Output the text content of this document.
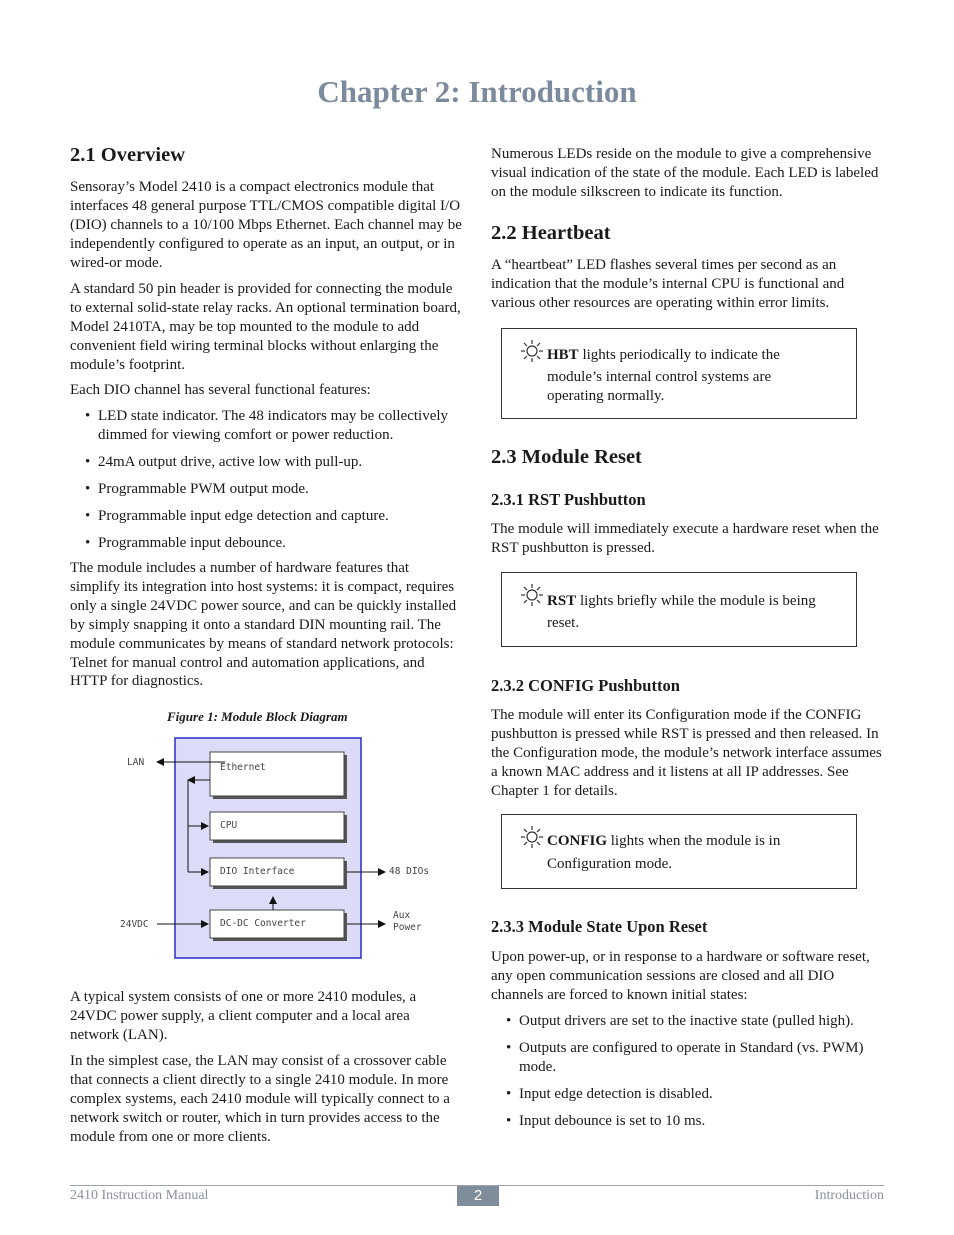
Chapter 2: Introduction
2.1 Overview

Sensoray’s Model 2410 is a compact electronics module that interfaces 48 general purpose TTL/CMOS compatible digital I/O (DIO) channels to a 10/100 Mbps Ethernet. Each channel may be independently configured to operate as an input, an output, or in wired-or mode.

A standard 50 pin header is provided for connecting the module to external solid-state relay racks. An optional termination board, Model 2410TA, may be top mounted to the module to add convenient field wiring terminal blocks without enlarging the module’s footprint.

Each DIO channel has several functional features:

• LED state indicator. The 48 indicators may be collectively dimmed for viewing comfort or power reduction.
• 24mA output drive, active low with pull-up.
• Programmable PWM output mode.
• Programmable input edge detection and capture.
• Programmable input debounce.

The module includes a number of hardware features that simplify its integration into host systems: it is compact, requires only a single 24VDC power source, and can be quickly installed by simply snapping it onto a standard DIN mounting rail. The module communicates by means of standard network protocols: Telnet for manual control and automation applications, and HTTP for diagnostics.

Figure 1: Module Block Diagram

Ethernet
CPU
DIO Interface
DC-DC Converter
LAN
24VDC
48 DIOs
Aux
Power

A typical system consists of one or more 2410 modules, a 24VDC power supply, a client computer and a local area network (LAN).

In the simplest case, the LAN may consist of a crossover cable that connects a client directly to a single 2410 module. In more complex systems, each 2410 module will typically connect to a network switch or router, which in turn provides access to the module from one or more clients.

Numerous LEDs reside on the module to give a comprehensive visual indication of the state of the module. Each LED is labeled on the module silkscreen to indicate its function.

2.2 Heartbeat

A “heartbeat” LED flashes several times per second as an indication that the module’s internal CPU is functional and various other resources are operating within error limits.

HBT lights periodically to indicate the
module’s internal control systems are
operating normally.
2.3 Module Reset
2.3.1 RST Pushbutton

The module will immediately execute a hardware reset when the RST pushbutton is pressed.

RST lights briefly while the module is being
reset.
2.3.2 CONFIG Pushbutton

The module will enter its Configuration mode if the CONFIG pushbutton is pressed while RST is pressed and then released. In the Configuration mode, the module’s network interface assumes a known MAC address and it listens at all IP addresses. See Chapter 1 for details.

CONFIG lights when the module is in
Configuration mode.
2.3.3 Module State Upon Reset

Upon power-up, or in response to a hardware or software reset, any open communication sessions are closed and all DIO channels are forced to known initial states:

• Output drivers are set to the inactive state (pulled high).
• Outputs are configured to operate in Standard (vs. PWM) mode.
• Input edge detection is disabled.
• Input debounce is set to 10 ms.
2410 Instruction Manual	2	Introduction
